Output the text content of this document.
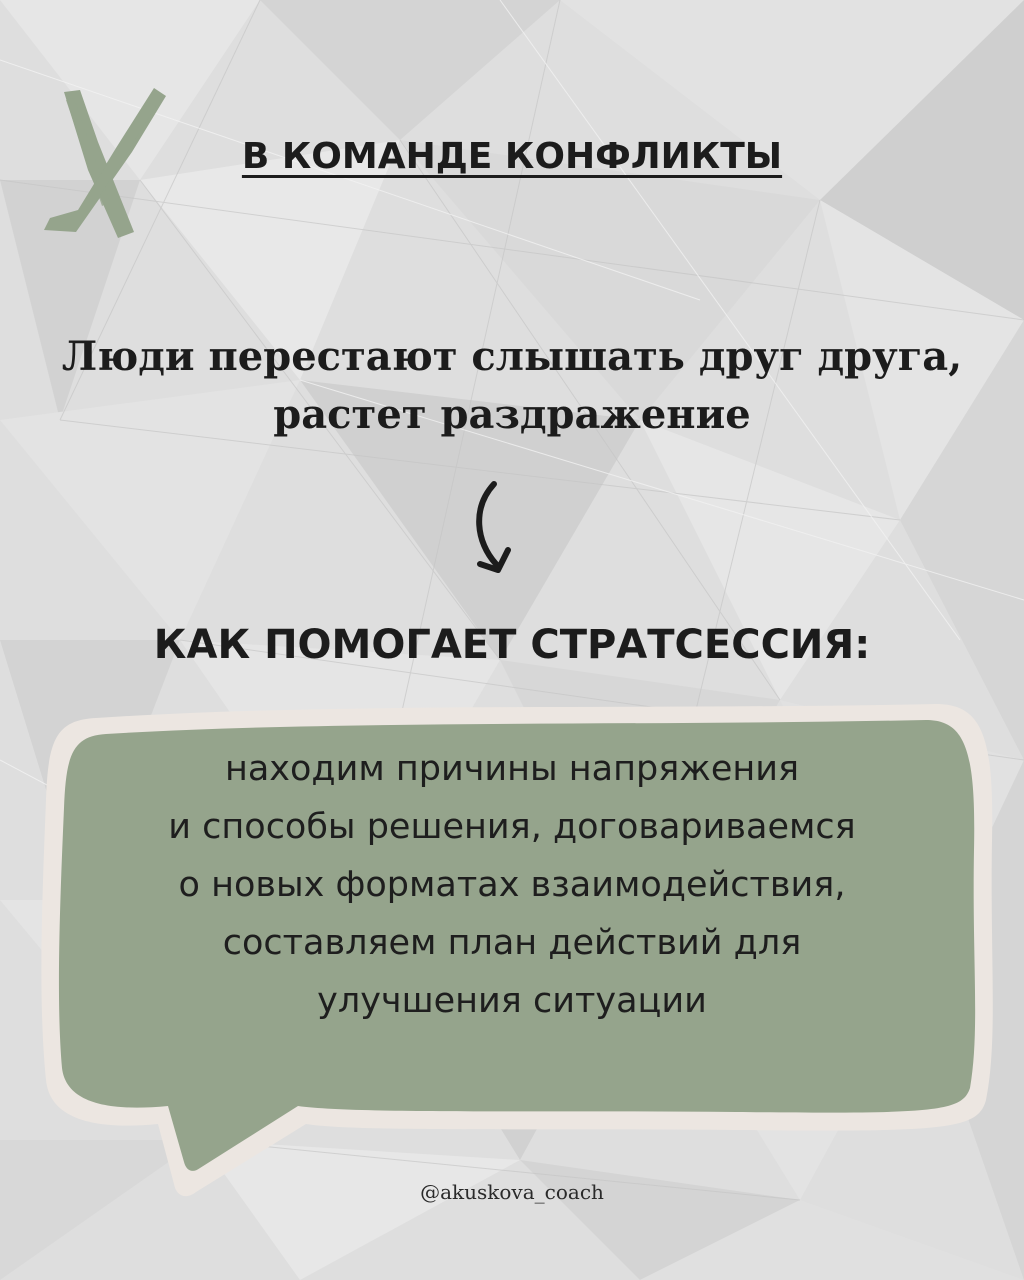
В КОМАНДЕ КОНФЛИКТЫ
Люди перестают слышать друг друга,
растет раздражение
КАК ПОМОГАЕТ СТРАТСЕССИЯ:
находим причины напряжения
и способы решения, договариваемся
о новых форматах взаимодействия,
составляем план действий для
улучшения ситуации
@akuskova_coach
